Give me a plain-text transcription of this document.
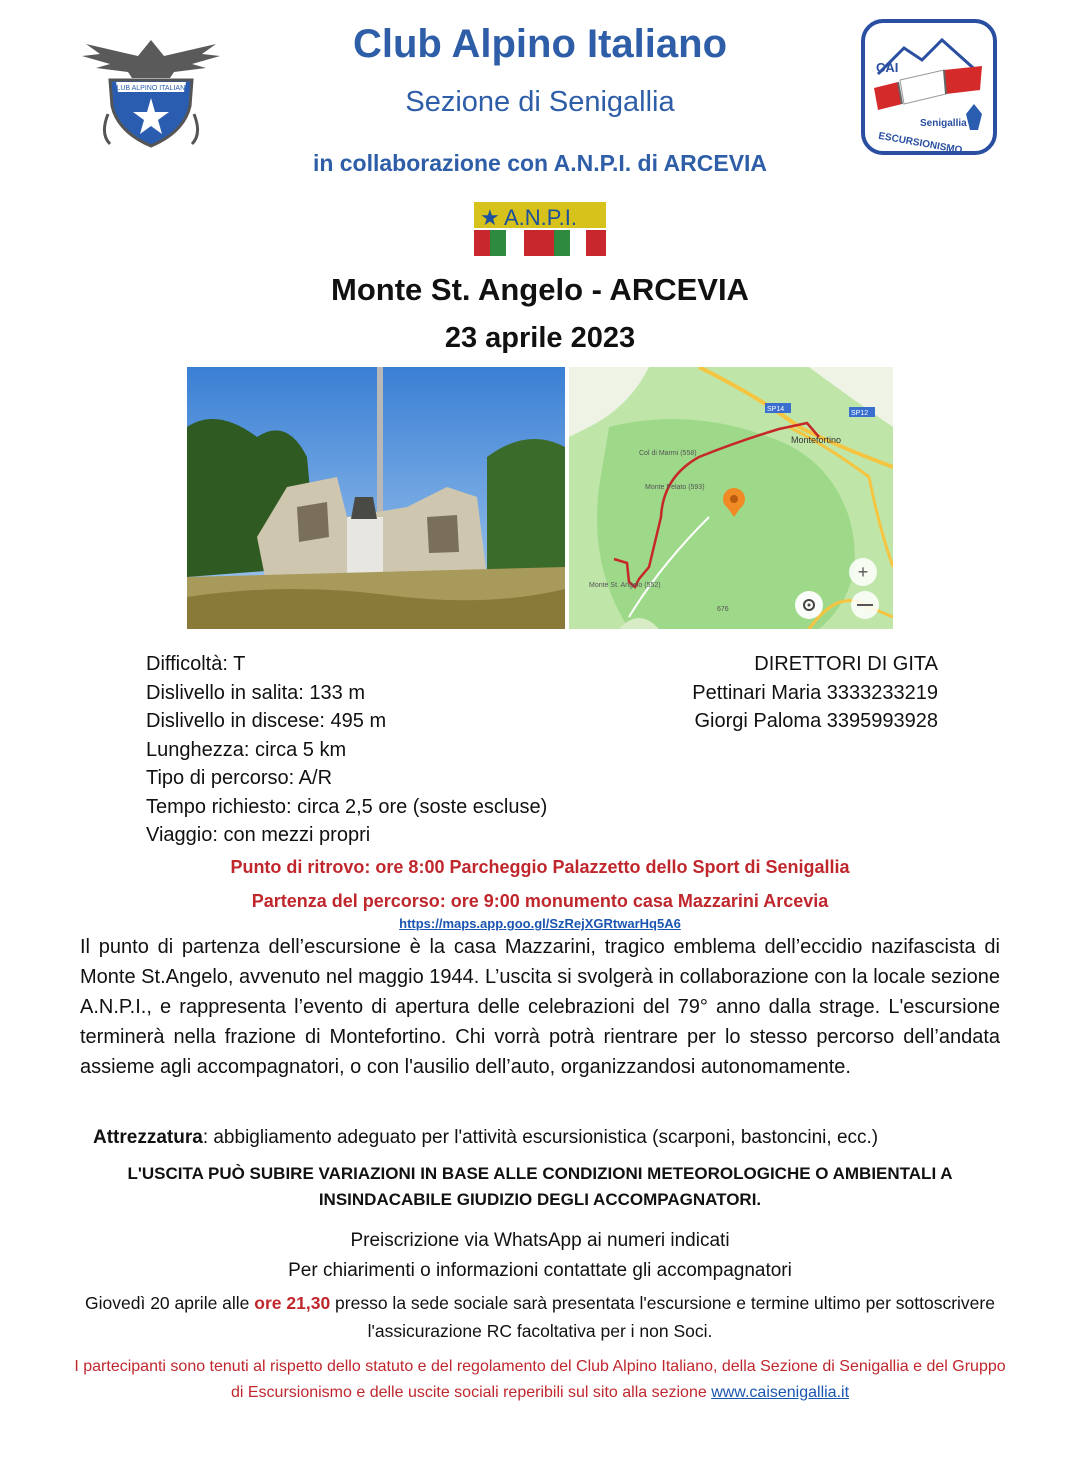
CLUB ALPINO ITALIANO
Club Alpino Italiano
Sezione di Senigallia
in collaborazione con A.N.P.I. di ARCEVIA
CAI
Senigallia
ESCURSIONISMO
★ A.N.P.I.
Monte St. Angelo - ARCEVIA
23 aprile 2023
SP14
SP12
Montefortino
Col di Marmi (558)
Monte Pelato (593)
Monte St. Angelo (552)
676
+
Difficoltà: T
Dislivello in salita: 133 m
Dislivello in discese: 495 m
Lunghezza: circa 5 km
Tipo di percorso: A/R
Tempo richiesto: circa 2,5 ore (soste escluse)
Viaggio: con mezzi propri
DIRETTORI DI GITA
Pettinari Maria 3333233219
Giorgi Paloma 3395993928
Punto di ritrovo: ore 8:00 Parcheggio Palazzetto dello Sport di Senigallia
Partenza del percorso: ore 9:00 monumento casa Mazzarini Arcevia
https://maps.app.goo.gl/SzRejXGRtwarHq5A6
Il punto di partenza dell’escursione è la casa Mazzarini, tragico emblema dell’eccidio nazifascista di Monte St.Angelo, avvenuto nel maggio 1944. L’uscita si svolgerà in collaborazione con la locale sezione A.N.P.I., e rappresenta l’evento di apertura delle celebrazioni del 79° anno dalla strage. L'escursione terminerà nella frazione di Montefortino. Chi vorrà potrà rientrare per lo stesso percorso dell’andata assieme agli accompagnatori, o con l'ausilio dell’auto, organizzandosi autonomamente.
Attrezzatura: abbigliamento adeguato per l'attività escursionistica (scarponi, bastoncini, ecc.)
L'USCITA PUÒ SUBIRE VARIAZIONI IN BASE ALLE CONDIZIONI METEOROLOGICHE O AMBIENTALI A INSINDACABILE GIUDIZIO DEGLI ACCOMPAGNATORI.
Preiscrizione via WhatsApp ai numeri indicati
Per chiarimenti o informazioni contattate gli accompagnatori
Giovedì 20 aprile alle ore 21,30 presso la sede sociale sarà presentata l'escursione e termine ultimo per sottoscrivere l'assicurazione RC facoltativa per i non Soci.
I partecipanti sono tenuti al rispetto dello statuto e del regolamento del Club Alpino Italiano, della Sezione di Senigallia e del Gruppo di Escursionismo e delle uscite sociali reperibili sul sito alla sezione www.caisenigallia.it
